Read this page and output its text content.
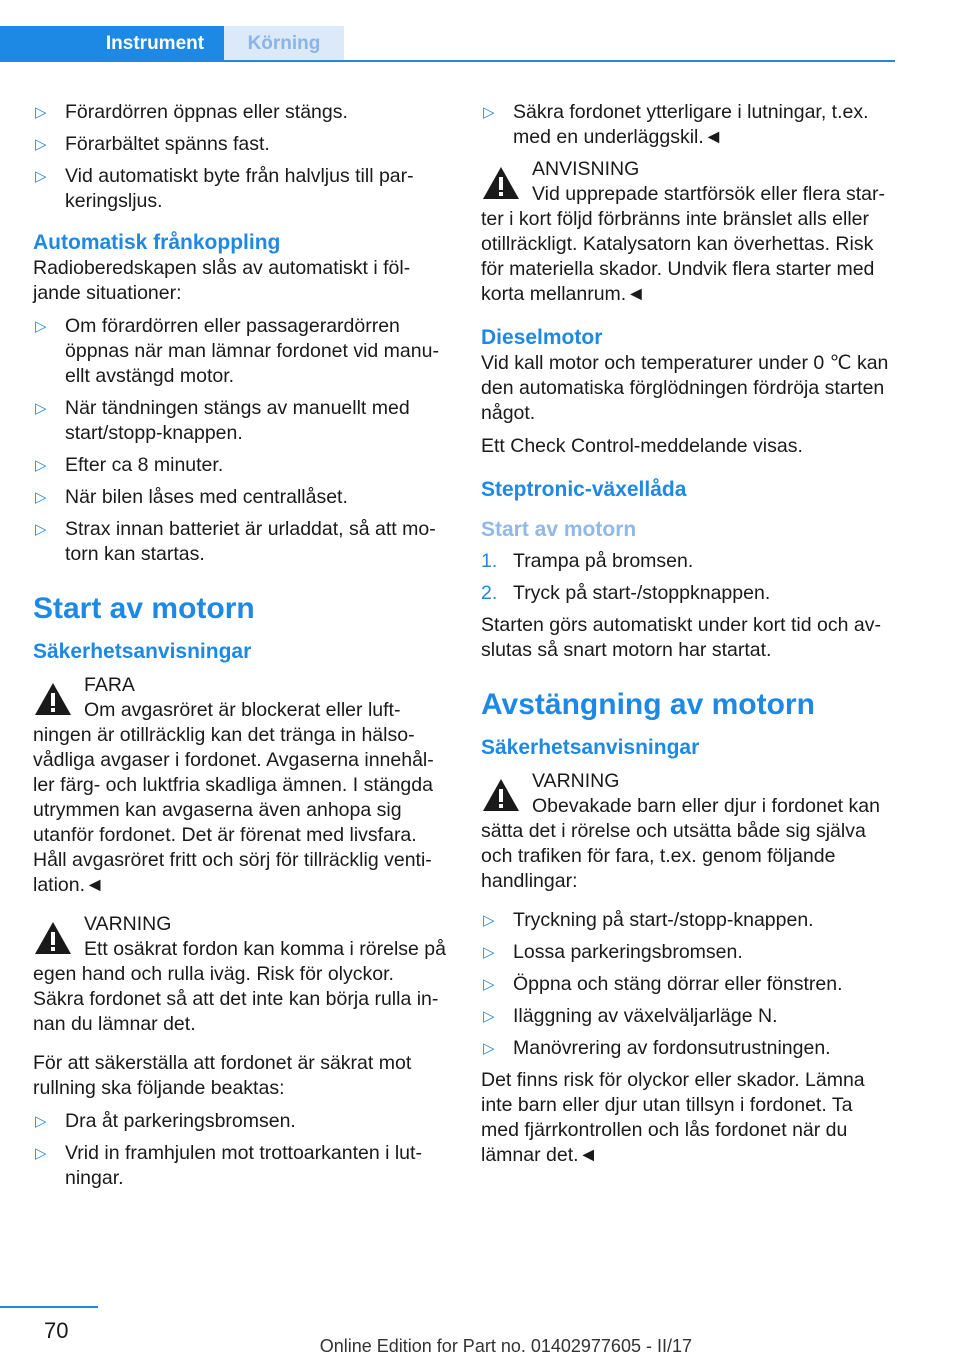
Instrument	Körning
▷ Förardörren öppnas eller stängs.
▷ Förarbältet spänns fast.
▷ Vid automatiskt byte från halvljus till parkeringsljus.
Automatisk frånkoppling
Radioberedskapen slås av automatiskt i följande situationer:
▷ Om förardörren eller passagerardörren öppnas när man lämnar fordonet vid manuellt avstängd motor.
▷ När tändningen stängs av manuellt med start/stopp-knappen.
▷ Efter ca 8 minuter.
▷ När bilen låses med centrallåset.
▷ Strax innan batteriet är urladdat, så att motorn kan startas.
Start av motorn
Säkerhetsanvisningar
FARA
Om avgasröret är blockerat eller luftningen är otillräcklig kan det tränga in hälsovådliga avgaser i fordonet. Avgaserna innehåller färg- och luktfria skadliga ämnen. I stängda utrymmen kan avgaserna även anhopa sig utanför fordonet. Det är förenat med livsfara. Håll avgasröret fritt och sörj för tillräcklig ventilation.◄
VARNING
Ett osäkrat fordon kan komma i rörelse på egen hand och rulla iväg. Risk för olyckor. Säkra fordonet så att det inte kan börja rulla innan du lämnar det.
För att säkerställa att fordonet är säkrat mot rullning ska följande beaktas:
▷ Dra åt parkeringsbromsen.
▷ Vrid in framhjulen mot trottoarkanten i lutningar.
▷ Säkra fordonet ytterligare i lutningar, t.ex. med en underläggskil.◄
ANVISNING
Vid upprepade startförsök eller flera starter i kort följd förbränns inte bränslet alls eller otillräckligt. Katalysatorn kan överhettas. Risk för materiella skador. Undvik flera starter med korta mellanrum.◄
Dieselmotor
Vid kall motor och temperaturer under 0 ℃ kan den automatiska förglödningen fördröja starten något.
Ett Check Control-meddelande visas.
Steptronic-växellåda
Start av motorn
1. Trampa på bromsen.
2. Tryck på start-/stoppknappen.
Starten görs automatiskt under kort tid och avslutas så snart motorn har startat.
Avstängning av motorn
Säkerhetsanvisningar
VARNING
Obevakade barn eller djur i fordonet kan sätta det i rörelse och utsätta både sig själva och trafiken för fara, t.ex. genom följande handlingar:
▷ Tryckning på start-/stopp-knappen.
▷ Lossa parkeringsbromsen.
▷ Öppna och stäng dörrar eller fönstren.
▷ Iläggning av växelväljarläge N.
▷ Manövrering av fordonsutrustningen.
Det finns risk för olyckor eller skador. Lämna inte barn eller djur utan tillsyn i fordonet. Ta med fjärrkontrollen och lås fordonet när du lämnar det.◄
70
Online Edition for Part no. 01402977605 - II/17
